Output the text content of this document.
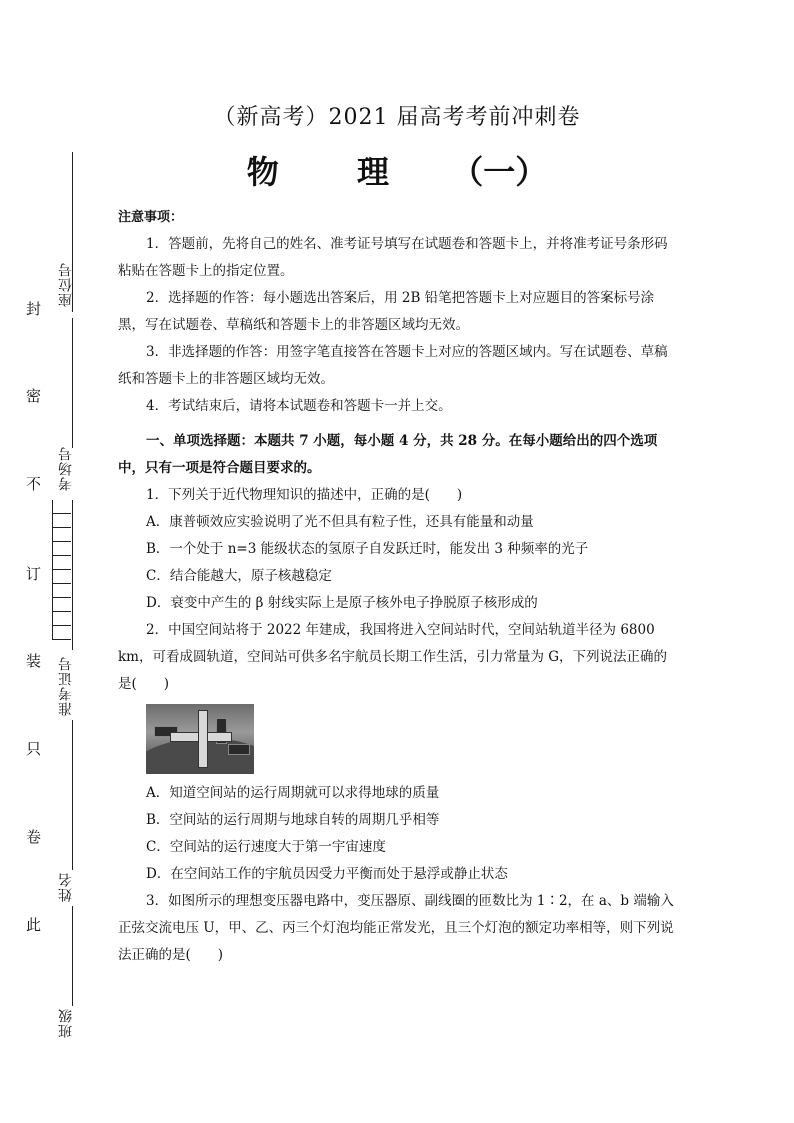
（新高考）2021 届高考考前冲刺卷
物 理 （一）
座位号
考场号
准考证号
姓名
班级
封
密
不
订
装
只
卷
此

注意事项：

1．答题前，先将自己的姓名、准考证号填写在试题卷和答题卡上，并将准考证号条形码粘贴在答题卡上的指定位置。

2．选择题的作答：每小题选出答案后，用 2B 铅笔把答题卡上对应题目的答案标号涂黑，写在试题卷、草稿纸和答题卡上的非答题区域均无效。

3．非选择题的作答：用签字笔直接答在答题卡上对应的答题区域内。写在试题卷、草稿纸和答题卡上的非答题区域均无效。

4．考试结束后，请将本试题卷和答题卡一并上交。

一、单项选择题：本题共 7 小题，每小题 4 分，共 28 分。在每小题给出的四个选项中，只有一项是符合题目要求的。

1．下列关于近代物理知识的描述中，正确的是(　　)

A．康普顿效应实验说明了光不但具有粒子性，还具有能量和动量

B．一个处于 n=3 能级状态的氢原子自发跃迁时，能发出 3 种频率的光子

C．结合能越大，原子核越稳定

D．衰变中产生的 β 射线实际上是原子核外电子挣脱原子核形成的

2．中国空间站将于 2022 年建成，我国将进入空间站时代，空间站轨道半径为 6800 km，可看成圆轨道，空间站可供多名宇航员长期工作生活，引力常量为 G，下列说法正确的是(　　)

A．知道空间站的运行周期就可以求得地球的质量

B．空间站的运行周期与地球自转的周期几乎相等

C．空间站的运行速度大于第一宇宙速度

D．在空间站工作的宇航员因受力平衡而处于悬浮或静止状态

3．如图所示的理想变压器电路中，变压器原、副线圈的匝数比为 1∶2，在 a、b 端输入正弦交流电压 U，甲、乙、丙三个灯泡均能正常发光，且三个灯泡的额定功率相等，则下列说法正确的是(　　)
